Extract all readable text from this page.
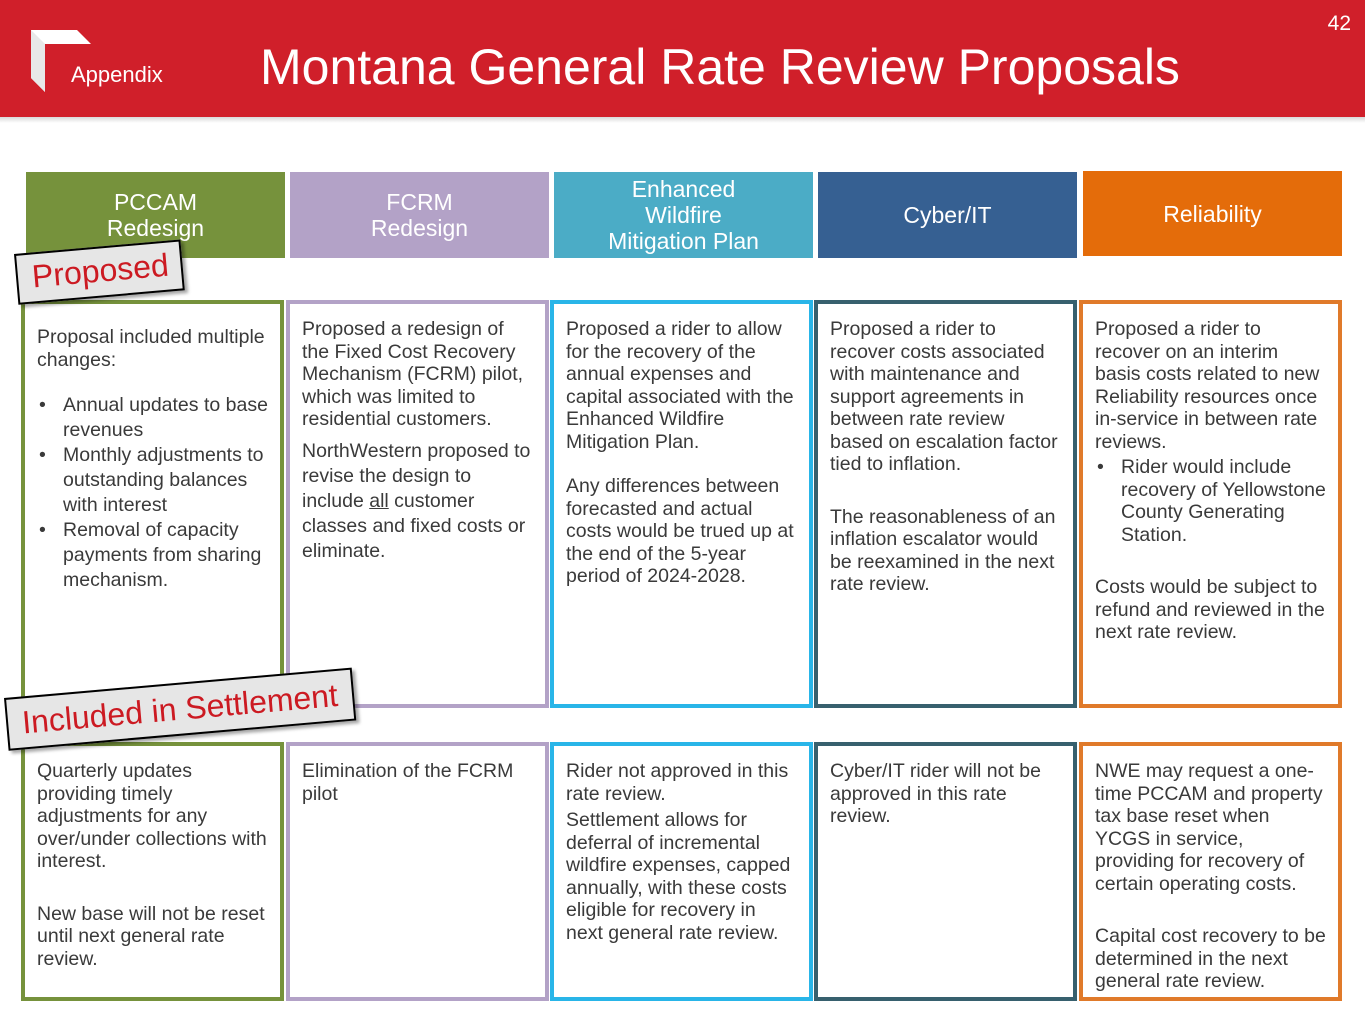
Appendix Montana General Rate Review Proposals
42
PCCAM
Redesign
FCRM
Redesign
Enhanced
Wildfire
Mitigation Plan
Cyber/IT	Reliability

Proposal included multiple changes:

• Annual updates to base revenues
• Monthly adjustments to outstanding balances with interest
• Removal of capacity payments from sharing mechanism.

Proposed a redesign of the Fixed Cost Recovery Mechanism (FCRM) pilot, which was limited to residential customers.

NorthWestern proposed to revise the design to include all customer classes and fixed costs or eliminate.

Proposed a rider to allow for the recovery of the annual expenses and capital associated with the Enhanced Wildfire Mitigation Plan.

Any differences between forecasted and actual costs would be trued up at the end of the 5-year period of 2024-2028.

Proposed a rider to recover costs associated with maintenance and support agreements in between rate review based on escalation factor tied to inflation.

The reasonableness of an inflation escalator would be reexamined in the next rate review.

Proposed a rider to recover on an interim basis costs related to new Reliability resources once in-service in between rate reviews.

• Rider would include recovery of Yellowstone County Generating Station.

Costs would be subject to refund and reviewed in the next rate review.

Quarterly updates providing timely adjustments for any over/under collections with interest.

New base will not be reset until next general rate review.

Elimination of the FCRM pilot

Rider not approved in this rate review.

Settlement allows for deferral of incremental wildfire expenses, capped annually, with these costs eligible for recovery in next general rate review.

Cyber/IT rider will not be approved in this rate review.

NWE may request a one-time PCCAM and property tax base reset when YCGS in service, providing for recovery of certain operating costs.

Capital cost recovery to be determined in the next general rate review.

Proposed
Included in Settlement
